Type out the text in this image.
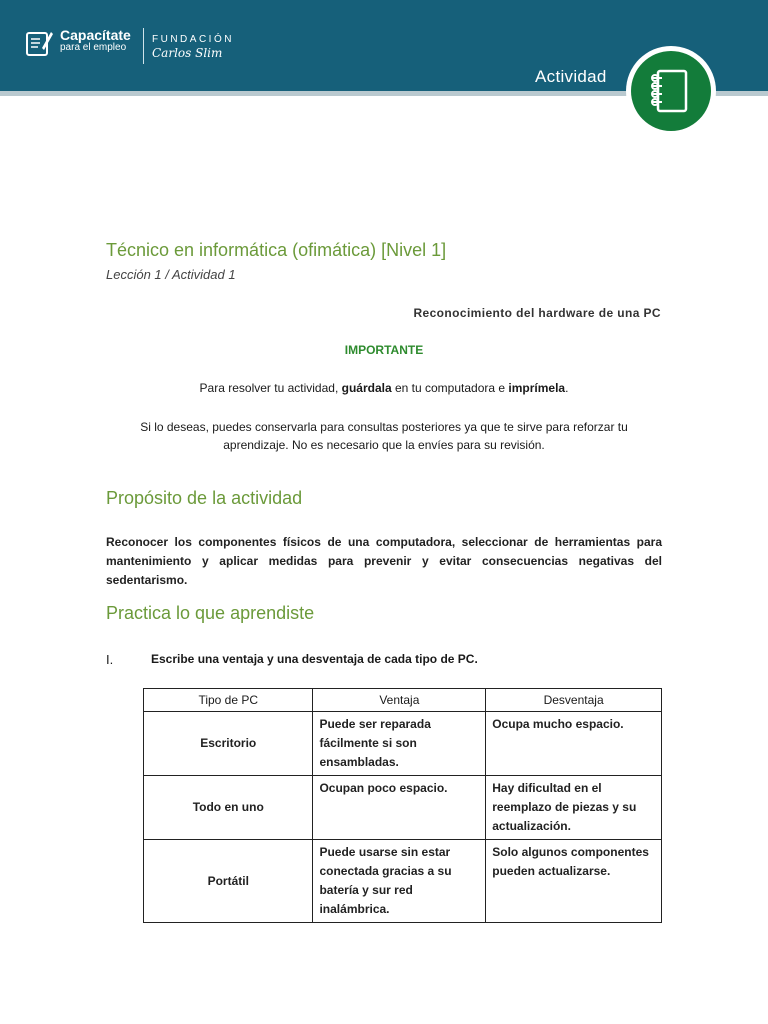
Capacítate
para el empleo
FUNDACIÓN
Carlos Slim
Actividad
Técnico en informática (ofimática) [Nivel 1]
Lección 1 / Actividad 1
Reconocimiento del hardware de una PC
IMPORTANTE
Para resolver tu actividad, guárdala en tu computadora e imprímela.
Si lo deseas, puedes conservarla para consultas posteriores ya que te sirve para reforzar tu aprendizaje. No es necesario que la envíes para su revisión.
Propósito de la actividad
Reconocer los componentes físicos de una computadora, seleccionar de herramientas para mantenimiento y aplicar medidas para prevenir y evitar consecuencias negativas del sedentarismo.
Practica lo que aprendiste
I.	Escribe una ventaja y una desventaja de cada tipo de PC.
Tipo de PC	Ventaja	Desventaja
Escritorio	Puede ser reparada fácilmente si son ensambladas.	Ocupa mucho espacio.
Todo en uno	Ocupan poco espacio.	Hay dificultad en el reemplazo de piezas y su actualización.
Portátil	Puede usarse sin estar conectada gracias a su batería y sur red inalámbrica.	Solo algunos componentes pueden actualizarse.
